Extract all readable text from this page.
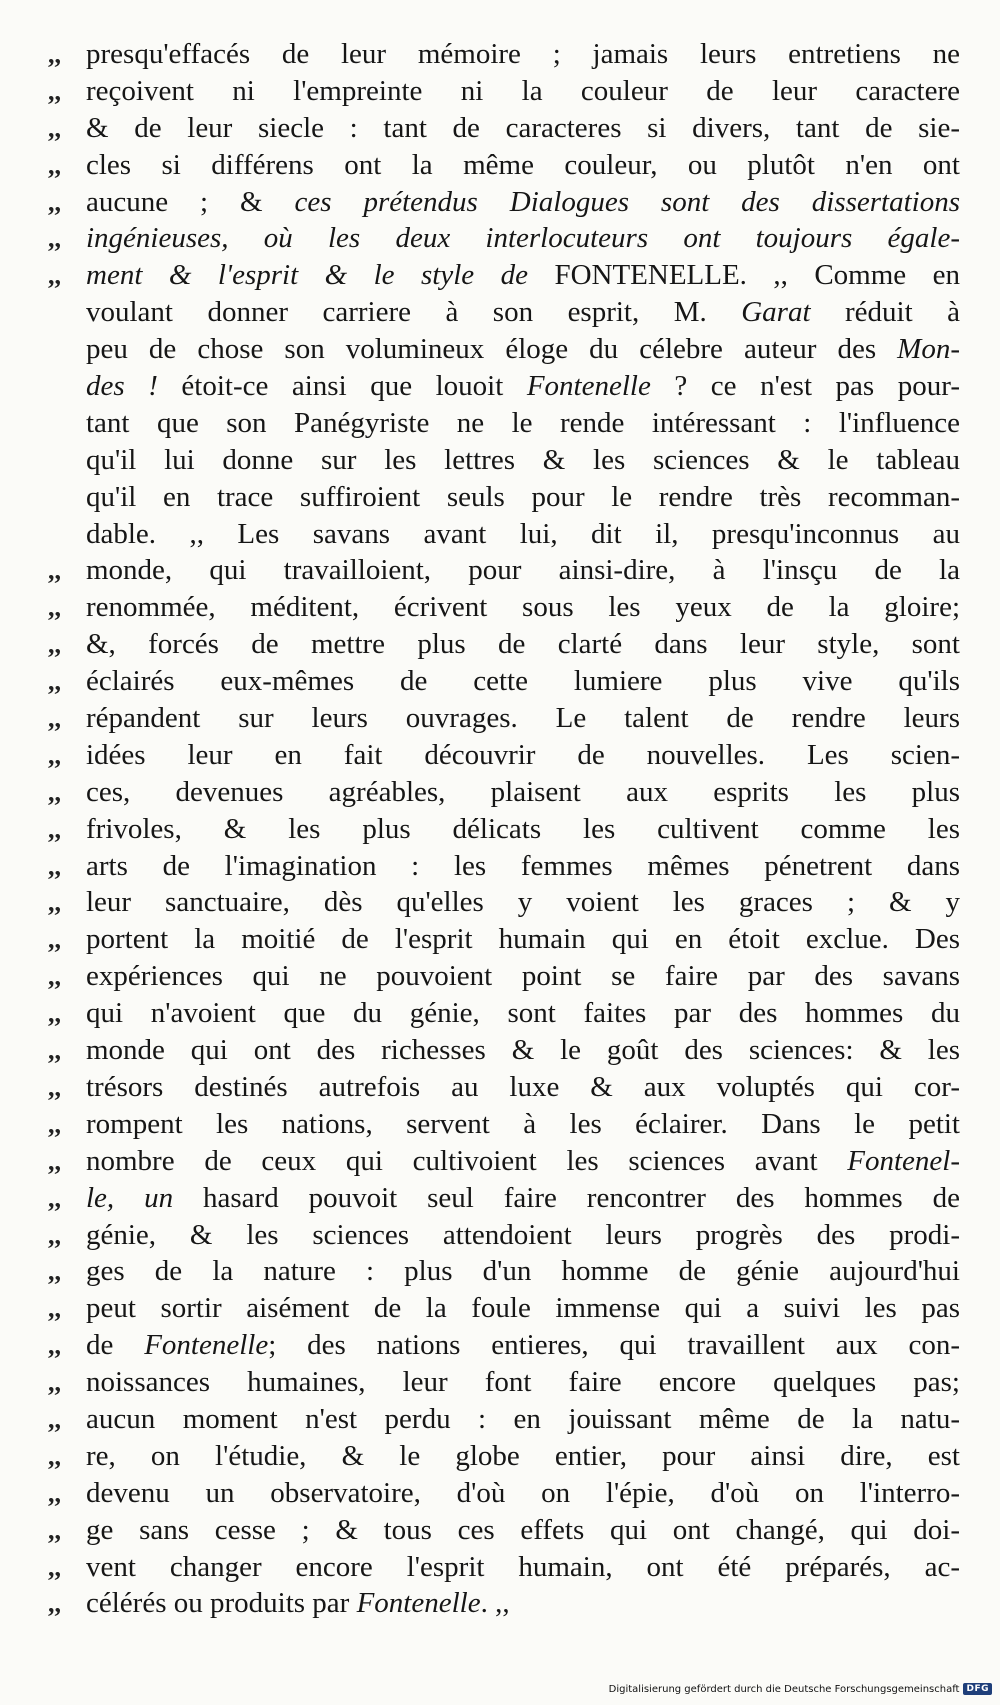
,, presqu'effacés de leur mémoire ; jamais leurs entretiens ne
,, reçoivent ni l'empreinte ni la couleur de leur caractere
,, & de leur siecle : tant de caracteres si divers, tant de sie-
,, cles si différens ont la même couleur, ou plutôt n'en ont
,, aucune ; & ces prétendus Dialogues sont des dissertations
,, ingénieuses, où les deux interlocuteurs ont toujours égale-
,, ment & l'esprit & le style de FONTENELLE. ,, Comme en
voulant donner carriere à son esprit, M. Garat réduit à
peu de chose son volumineux éloge du célebre auteur des Mon-
des ! étoit-ce ainsi que louoit Fontenelle ? ce n'est pas pour-
tant que son Panégyriste ne le rende intéressant : l'influence
qu'il lui donne sur les lettres & les sciences & le tableau
qu'il en trace suffiroient seuls pour le rendre très recomman-
dable. ,, Les savans avant lui, dit il, presqu'inconnus au
,, monde, qui travailloient, pour ainsi-dire, à l'insçu de la
,, renommée, méditent, écrivent sous les yeux de la gloire;
,, &, forcés de mettre plus de clarté dans leur style, sont
,, éclairés eux-mêmes de cette lumiere plus vive qu'ils
,, répandent sur leurs ouvrages. Le talent de rendre leurs
,, idées leur en fait découvrir de nouvelles. Les scien-
,, ces, devenues agréables, plaisent aux esprits les plus
,, frivoles, & les plus délicats les cultivent comme les
,, arts de l'imagination : les femmes mêmes pénetrent dans
,, leur sanctuaire, dès qu'elles y voient les graces ; & y
,, portent la moitié de l'esprit humain qui en étoit exclue. Des
,, expériences qui ne pouvoient point se faire par des savans
,, qui n'avoient que du génie, sont faites par des hommes du
,, monde qui ont des richesses & le goût des sciences: & les
,, trésors destinés autrefois au luxe & aux voluptés qui cor-
,, rompent les nations, servent à les éclairer. Dans le petit
,, nombre de ceux qui cultivoient les sciences avant Fontenel-
,, le, un hasard pouvoit seul faire rencontrer des hommes de
,, génie, & les sciences attendoient leurs progrès des prodi-
,, ges de la nature : plus d'un homme de génie aujourd'hui
,, peut sortir aisément de la foule immense qui a suivi les pas
,, de Fontenelle; des nations entieres, qui travaillent aux con-
,, noissances humaines, leur font faire encore quelques pas;
,, aucun moment n'est perdu : en jouissant même de la natu-
,, re, on l'étudie, & le globe entier, pour ainsi dire, est
,, devenu un observatoire, d'où on l'épie, d'où on l'interro-
,, ge sans cesse ; & tous ces effets qui ont changé, qui doi-
,, vent changer encore l'esprit humain, ont été préparés, ac-
,, célérés ou produits par Fontenelle. ,,
Digitalisierung gefördert durch die Deutsche Forschungsgemeinschaft DFG
